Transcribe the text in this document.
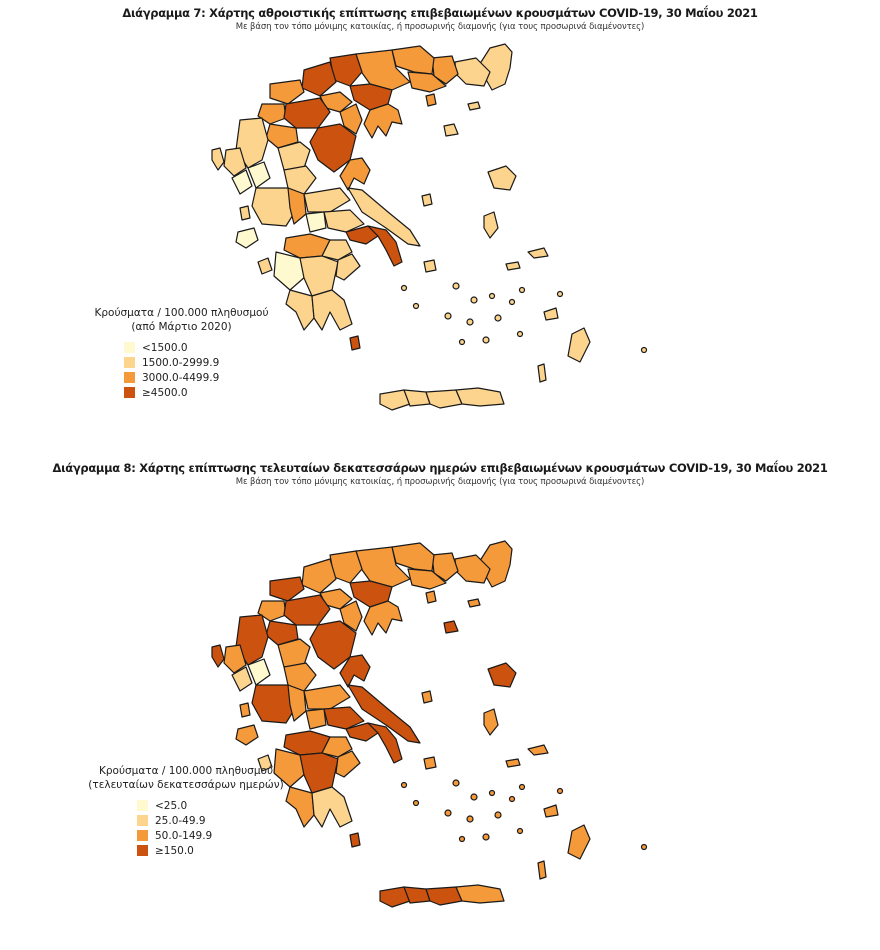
Διάγραμμα 7: Χάρτης αθροιστικής επίπτωσης επιβεβαιωμένων κρουσμάτων COVID-19, 30 Μαΐου 2021
Με βάση τον τόπο μόνιμης κατοικίας, ή προσωρινής διαμονής (για τους προσωρινά διαμένοντες)
Κρούσματα / 100.000 πληθυσμού
(από Μάρτιο 2020)
<1500.0
1500.0-2999.9
3000.0-4499.9
≥4500.0
Διάγραμμα 8: Χάρτης επίπτωσης τελευταίων δεκατεσσάρων ημερών επιβεβαιωμένων κρουσμάτων COVID-19, 30 Μαΐου 2021
Με βάση τον τόπο μόνιμης κατοικίας, ή προσωρινής διαμονής (για τους προσωρινά διαμένοντες)
Κρούσματα / 100.000 πληθυσμού
(τελευταίων δεκατεσσάρων ημερών)
<25.0
25.0-49.9
50.0-149.9
≥150.0
